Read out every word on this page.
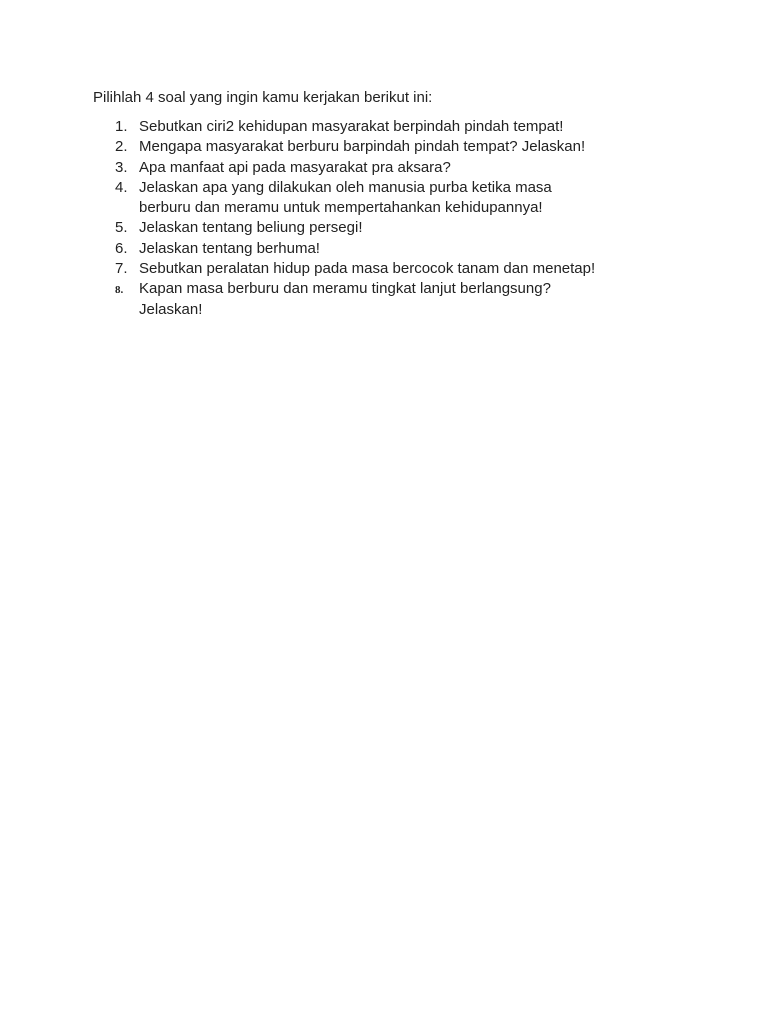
Pilihlah 4 soal yang ingin kamu kerjakan berikut ini:
1. Sebutkan ciri2 kehidupan masyarakat berpindah pindah tempat!
2. Mengapa masyarakat berburu barpindah pindah tempat? Jelaskan!
3. Apa manfaat api pada masyarakat pra aksara?
4. Jelaskan apa yang dilakukan oleh manusia purba ketika masa
berburu dan meramu untuk mempertahankan kehidupannya!
5. Jelaskan tentang beliung persegi!
6. Jelaskan tentang berhuma!
7. Sebutkan peralatan hidup pada masa bercocok tanam dan menetap!
8.	Kapan masa berburu dan meramu tingkat lanjut berlangsung?
Jelaskan!
